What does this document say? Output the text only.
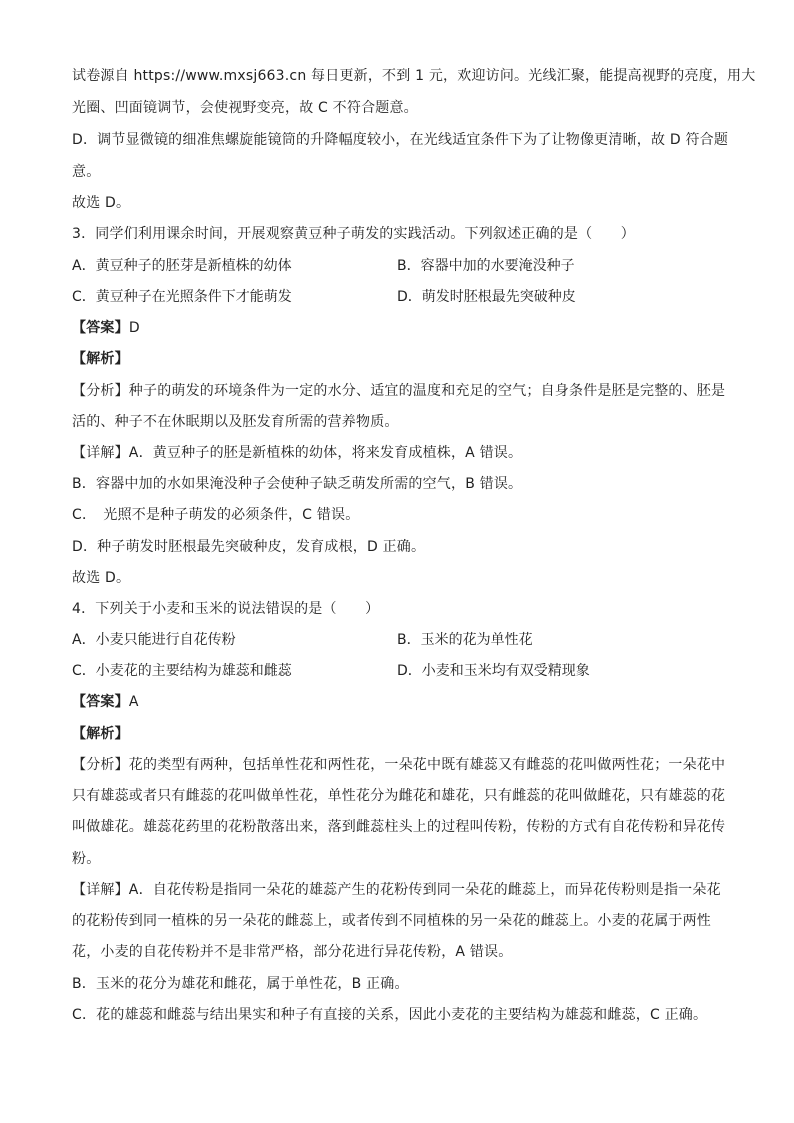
试卷源自 https://www.mxsj663.cn 每日更新，不到 1 元，欢迎访问。光线汇聚，能提高视野的亮度，用大
光圈、凹面镜调节，会使视野变亮，故 C 不符合题意。
D．调节显微镜的细准焦螺旋能镜筒的升降幅度较小，在光线适宜条件下为了让物像更清晰，故 D 符合题
意。
故选 D。
3．同学们利用课余时间，开展观察黄豆种子萌发的实践活动。下列叙述正确的是（　　）
A．黄豆种子的胚芽是新植株的幼体	B．容器中加的水要淹没种子
C．黄豆种子在光照条件下才能萌发	D．萌发时胚根最先突破种皮
【答案】D
【解析】
【分析】种子的萌发的环境条件为一定的水分、适宜的温度和充足的空气；自身条件是胚是完整的、胚是
活的、种子不在休眠期以及胚发育所需的营养物质。
【详解】A．黄豆种子的胚是新植株的幼体，将来发育成植株，A 错误。
B．容器中加的水如果淹没种子会使种子缺乏萌发所需的空气，B 错误。
C．　光照不是种子萌发的必须条件，C 错误。
D．种子萌发时胚根最先突破种皮，发育成根，D 正确。
故选 D。
4．下列关于小麦和玉米的说法错误的是（　　）
A．小麦只能进行自花传粉	B．玉米的花为单性花
C．小麦花的主要结构为雄蕊和雌蕊	D．小麦和玉米均有双受精现象
【答案】A
【解析】
【分析】花的类型有两种，包括单性花和两性花，一朵花中既有雄蕊又有雌蕊的花叫做两性花；一朵花中
只有雄蕊或者只有雌蕊的花叫做单性花，单性花分为雌花和雄花，只有雌蕊的花叫做雌花，只有雄蕊的花
叫做雄花。雄蕊花药里的花粉散落出来，落到雌蕊柱头上的过程叫传粉，传粉的方式有自花传粉和异花传
粉。
【详解】A．自花传粉是指同一朵花的雄蕊产生的花粉传到同一朵花的雌蕊上，而异花传粉则是指一朵花
的花粉传到同一植株的另一朵花的雌蕊上，或者传到不同植株的另一朵花的雌蕊上。小麦的花属于两性
花，小麦的自花传粉并不是非常严格，部分花进行异花传粉，A 错误。
B．玉米的花分为雄花和雌花，属于单性花，B 正确。
C．花的雄蕊和雌蕊与结出果实和种子有直接的关系，因此小麦花的主要结构为雄蕊和雌蕊，C 正确。
